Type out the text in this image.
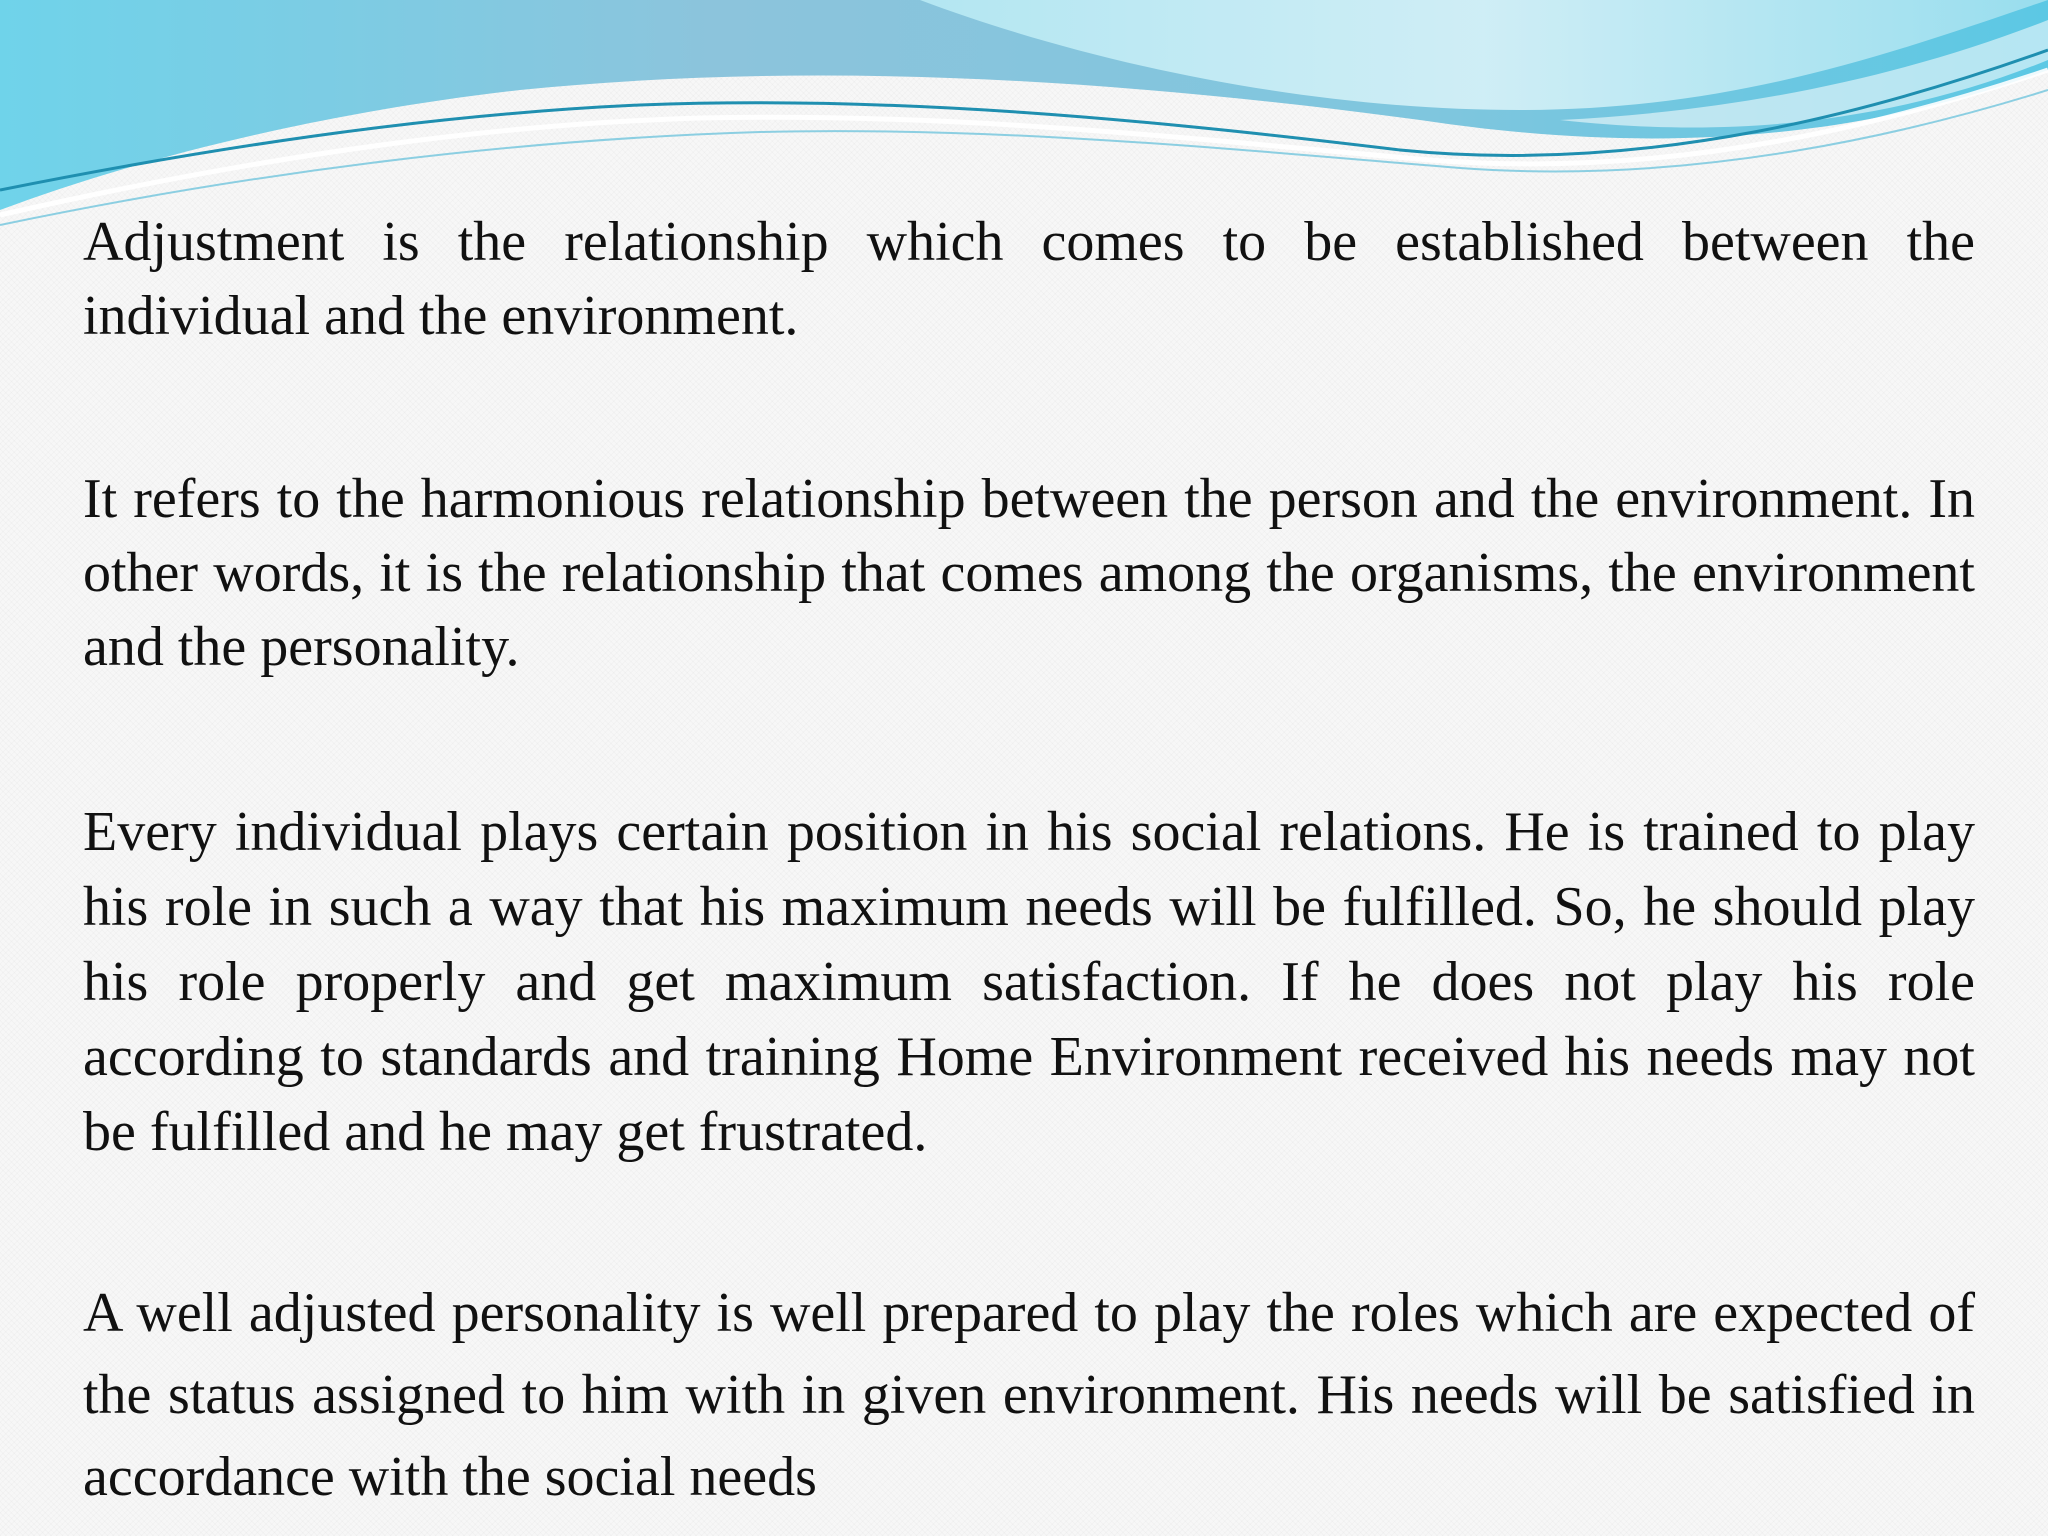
Adjustment is the relationship which comes to be established between the individual and the environment.

It refers to the harmonious relationship between the person and the environment. In other words, it is the relationship that comes among the organisms, the environment and the personality.

Every individual plays certain position in his social relations. He is trained to play his role in such a way that his maximum needs will be fulfilled. So, he should play his role properly and get maximum satisfaction. If he does not play his role according to standards and training Home Environment received his needs may not be fulfilled and he may get frustrated.

A well adjusted personality is well prepared to play the roles which are expected of the status assigned to him with in given environment. His needs will be satisfied in accordance with the social needs
